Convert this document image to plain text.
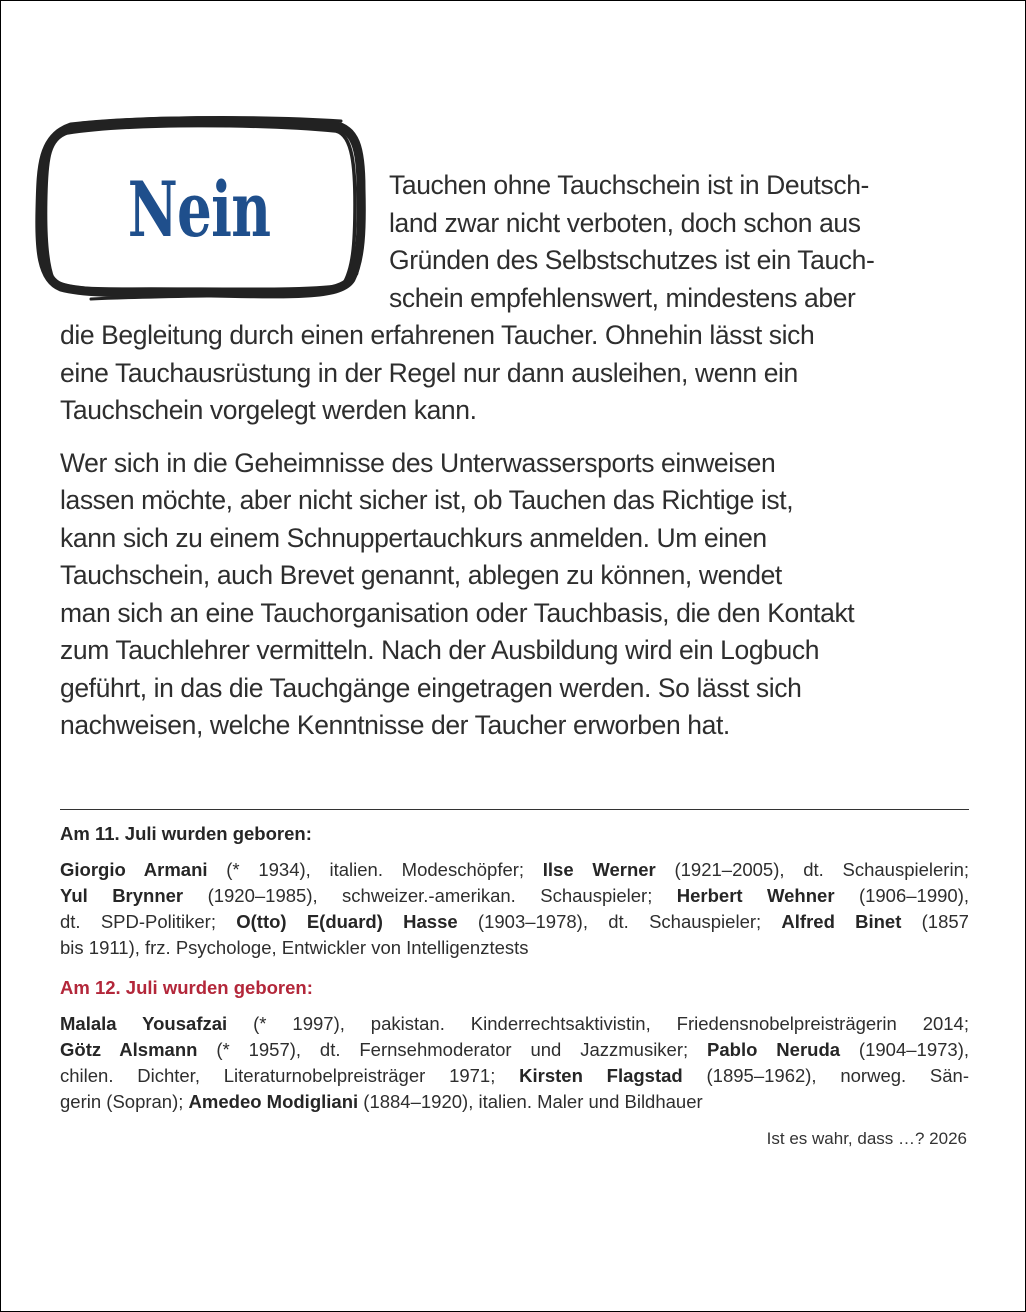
Nein	Tauchen ohne Tauchschein ist in Deutsch-
land zwar nicht verboten, doch schon aus
Gründen des Selbstschutzes ist ein Tauch-
schein empfehlenswert, mindestens aber
die Begleitung durch einen erfahrenen Taucher. Ohnehin lässt sich
eine Tauchausrüstung in der Regel nur dann ausleihen, wenn ein
Tauchschein vorgelegt werden kann.

Wer sich in die Geheimnisse des Unterwassersports einweisen
lassen möchte, aber nicht sicher ist, ob Tauchen das Richtige ist,
kann sich zu einem Schnuppertauchkurs anmelden. Um einen
Tauchschein, auch Brevet genannt, ablegen zu können, wendet
man sich an eine Tauchorganisation oder Tauchbasis, die den Kontakt
zum Tauchlehrer vermitteln. Nach der Ausbildung wird ein Logbuch
geführt, in das die Tauchgänge eingetragen werden. So lässt sich
nachweisen, welche Kenntnisse der Taucher erworben hat.

Am 11. Juli wurden geboren:
Giorgio Armani (* 1934), italien. Modeschöpfer; Ilse Werner (1921–2005), dt. Schauspielerin;
Yul Brynner (1920–1985), schweizer.-amerikan. Schauspieler; Herbert Wehner (1906–1990),
dt. SPD-Politiker; O(tto) E(duard) Hasse (1903–1978), dt. Schauspieler; Alfred Binet (1857
bis 1911), frz. Psychologe, Entwickler von Intelligenztests
Am 12. Juli wurden geboren:
Malala Yousafzai (* 1997), pakistan. Kinderrechtsaktivistin, Friedensnobelpreisträgerin 2014;
Götz Alsmann (* 1957), dt. Fernsehmoderator und Jazzmusiker; Pablo Neruda (1904–1973),
chilen. Dichter, Literaturnobelpreisträger 1971; Kirsten Flagstad (1895–1962), norweg. Sän-
gerin (Sopran); Amedeo Modigliani (1884–1920), italien. Maler und Bildhauer
Ist es wahr, dass …? 2026
